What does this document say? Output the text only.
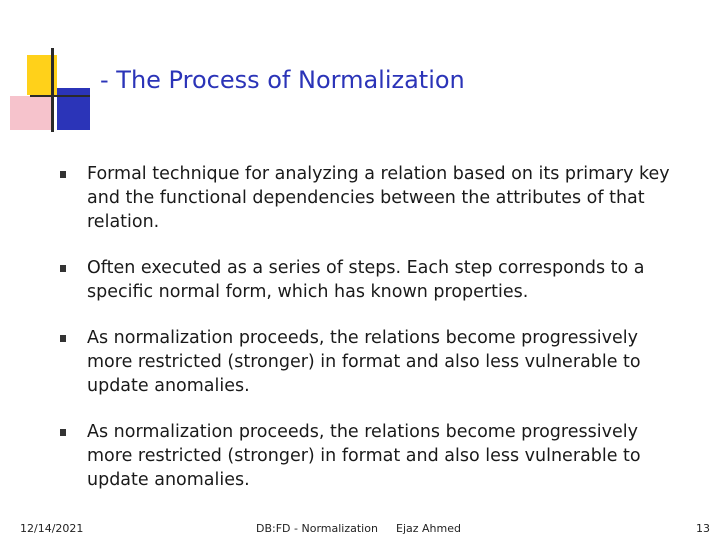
- The Process of Normalization
Formal technique for analyzing a relation based on its primary key and the functional dependencies between the attributes of that relation.
Often executed as a series of steps. Each step corresponds to a specific normal form, which has known properties.
As normalization proceeds, the relations become progressively more restricted (stronger) in format and also less vulnerable to update anomalies.
As normalization proceeds, the relations become progressively more restricted (stronger) in format and also less vulnerable to update anomalies.
12/14/2021	DB:FD - Normalization Ejaz Ahmed	13
